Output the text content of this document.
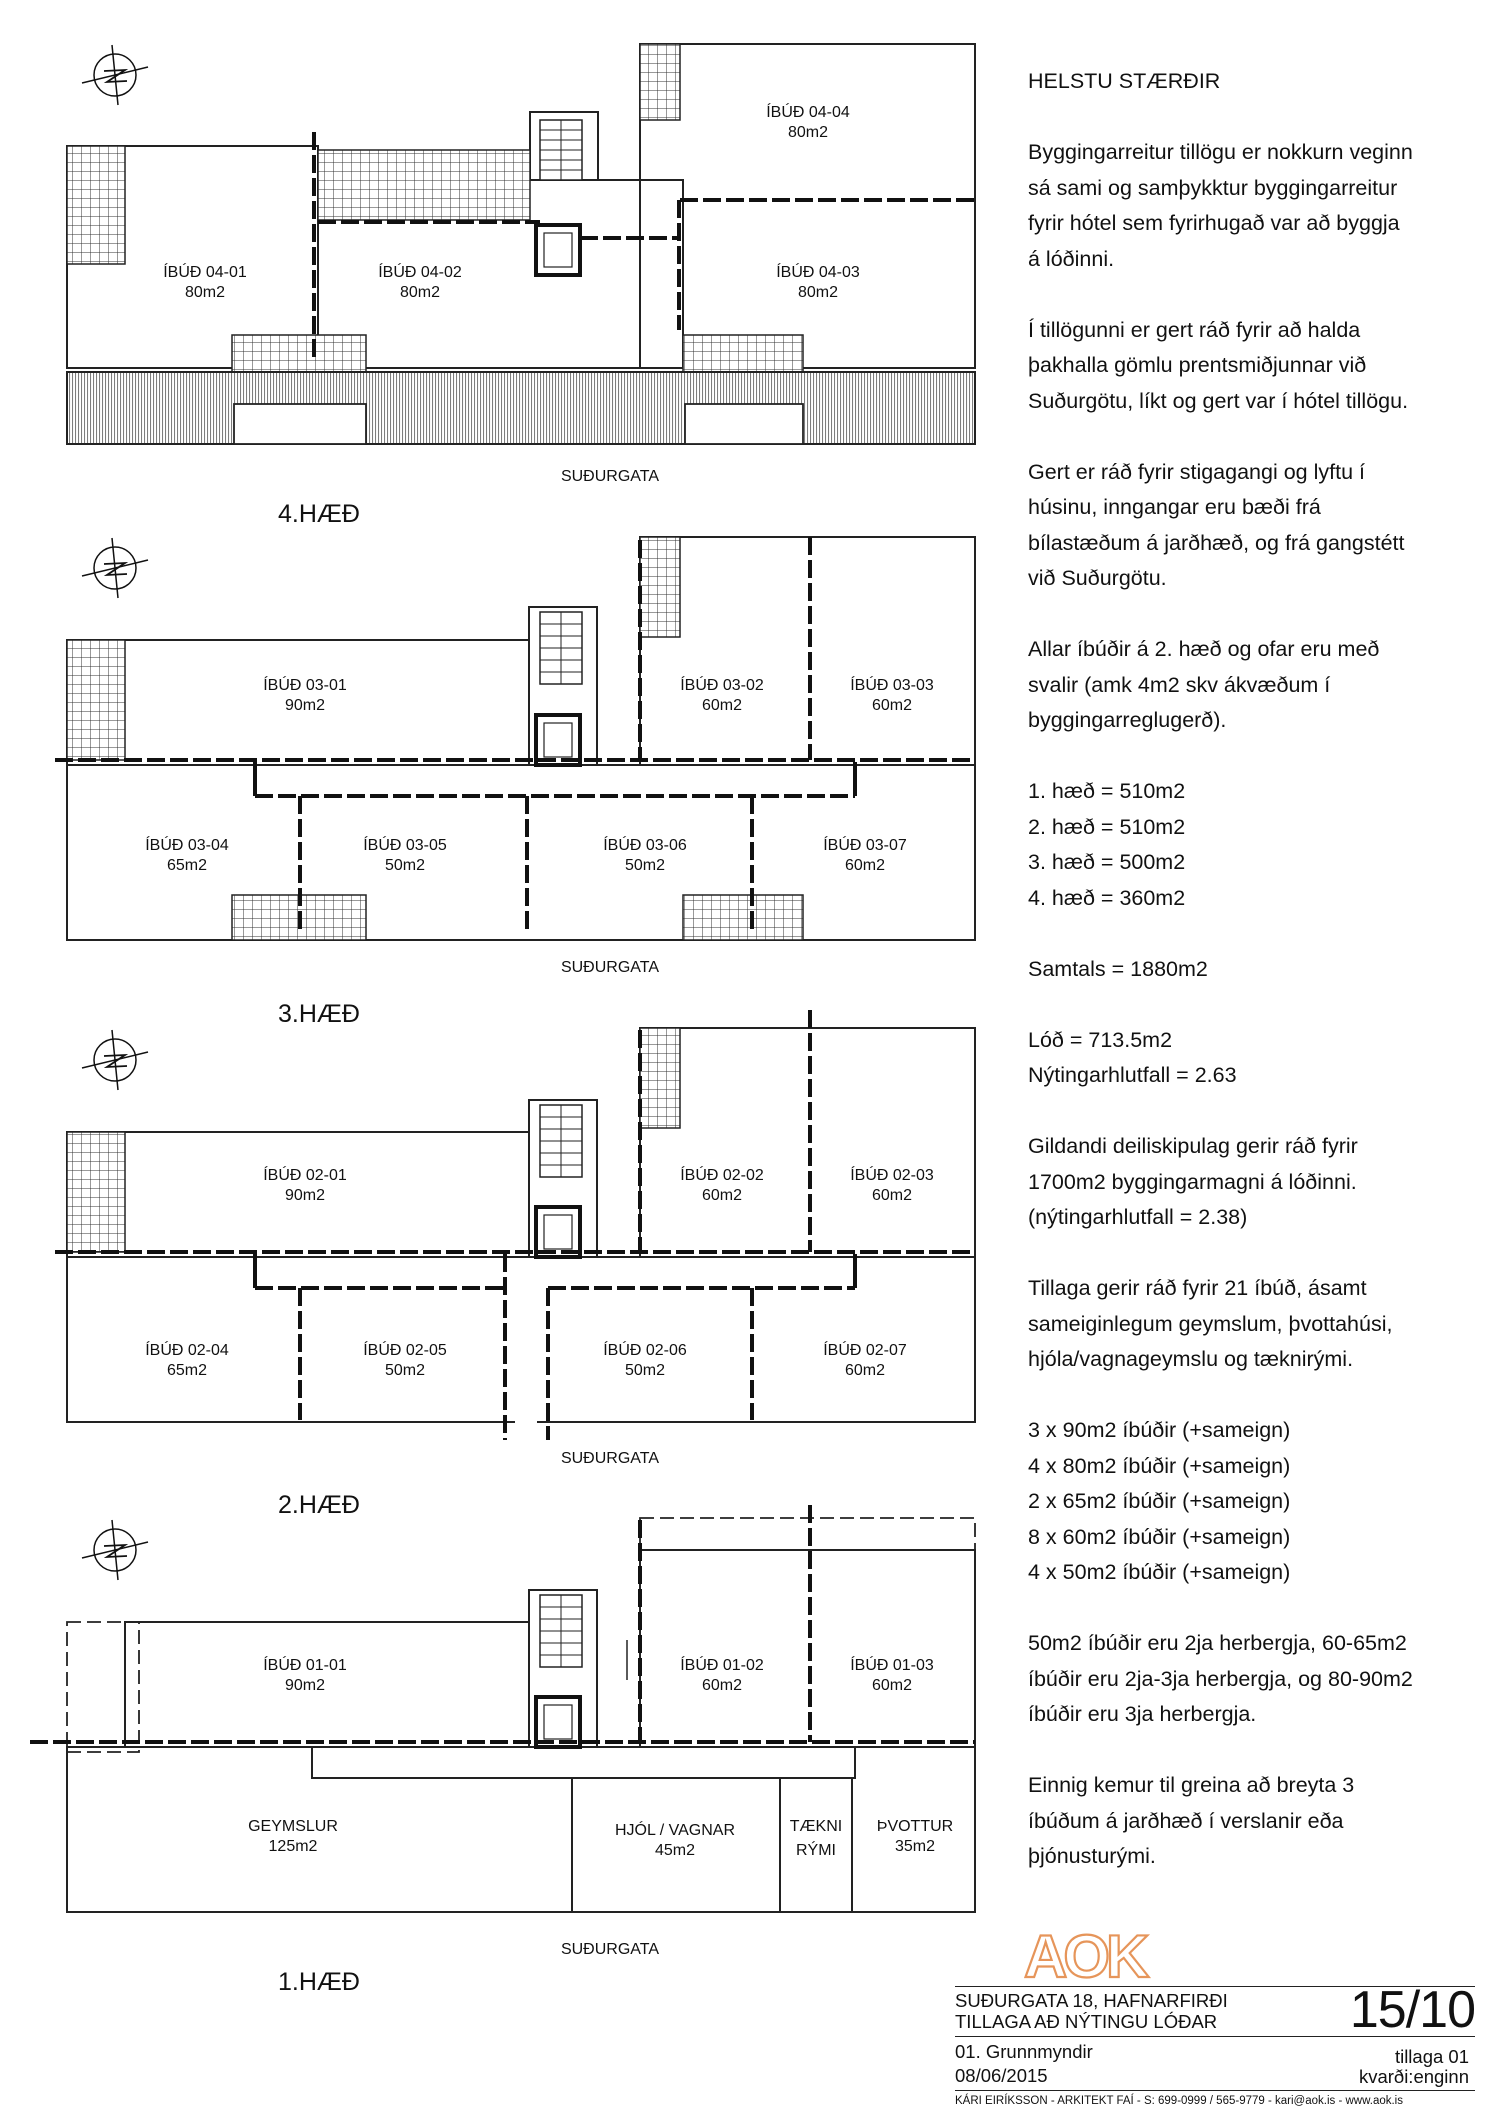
ÍBÚÐ 04-01
80m2
ÍBÚÐ 04-02
80m2
ÍBÚÐ 04-03
80m2
ÍBÚÐ 04-04
80m2
ÍBÚÐ 03-01
90m2
ÍBÚÐ 03-02
60m2
ÍBÚÐ 03-03
60m2
ÍBÚÐ 03-04
65m2
ÍBÚÐ 03-05
50m2
ÍBÚÐ 03-06
50m2
ÍBÚÐ 03-07
60m2
ÍBÚÐ 02-01
90m2
ÍBÚÐ 02-02
60m2
ÍBÚÐ 02-03
60m2
ÍBÚÐ 02-04
65m2
ÍBÚÐ 02-05
50m2
ÍBÚÐ 02-06
50m2
ÍBÚÐ 02-07
60m2
ÍBÚÐ 01-01
90m2
ÍBÚÐ 01-02
60m2
ÍBÚÐ 01-03
60m2
GEYMSLUR
125m2
HJÓL / VAGNAR
45m2
TÆKNI
RÝMI
ÞVOTTUR
35m2
SUÐURGATA
SUÐURGATA
SUÐURGATA
SUÐURGATA
4.HÆÐ
3.HÆÐ
2.HÆÐ
1.HÆÐ	AOK

HELSTU STÆRÐIR

Byggingarreitur tillögu er nokkurn veginn
sá sami og samþykktur byggingarreitur
fyrir hótel sem fyrirhugað var að byggja
á lóðinni.

Í tillögunni er gert ráð fyrir að halda
þakhalla gömlu prentsmiðjunnar við
Suðurgötu, líkt og gert var í hótel tillögu.

Gert er ráð fyrir stigagangi og lyftu í
húsinu, inngangar eru bæði frá
bílastæðum á jarðhæð, og frá gangstétt
við Suðurgötu.

Allar íbúðir á 2. hæð og ofar eru með
svalir (amk 4m2 skv ákvæðum í
byggingarreglugerð).

1. hæð = 510m2
2. hæð = 510m2
3. hæð = 500m2
4. hæð = 360m2

Samtals = 1880m2

Lóð = 713.5m2
Nýtingarhlutfall = 2.63

Gildandi deiliskipulag gerir ráð fyrir
1700m2 byggingarmagni á lóðinni.
(nýtingarhlutfall = 2.38)

Tillaga gerir ráð fyrir 21 íbúð, ásamt
sameiginlegum geymslum, þvottahúsi,
hjóla/vagnageymslu og tæknirými.

3 x 90m2 íbúðir (+sameign)
4 x 80m2 íbúðir (+sameign)
2 x 65m2 íbúðir (+sameign)
8 x 60m2 íbúðir (+sameign)
4 x 50m2 íbúðir (+sameign)

50m2 íbúðir eru 2ja herbergja, 60-65m2
íbúðir eru 2ja-3ja herbergja, og 80-90m2
íbúðir eru 3ja herbergja.

Einnig kemur til greina að breyta 3
íbúðum á jarðhæð í verslanir eða
þjónusturými.

SUÐURGATA 18, HAFNARFIRÐI
TILLAGA AÐ NÝTINGU LÓÐAR	15/10
01. Grunnmyndir
08/06/2015
tillaga 01
kvarði:enginn
KÁRI EIRÍKSSON - ARKITEKT FAÍ - S: 699-0999 / 565-9779 - kari@aok.is - www.aok.is
